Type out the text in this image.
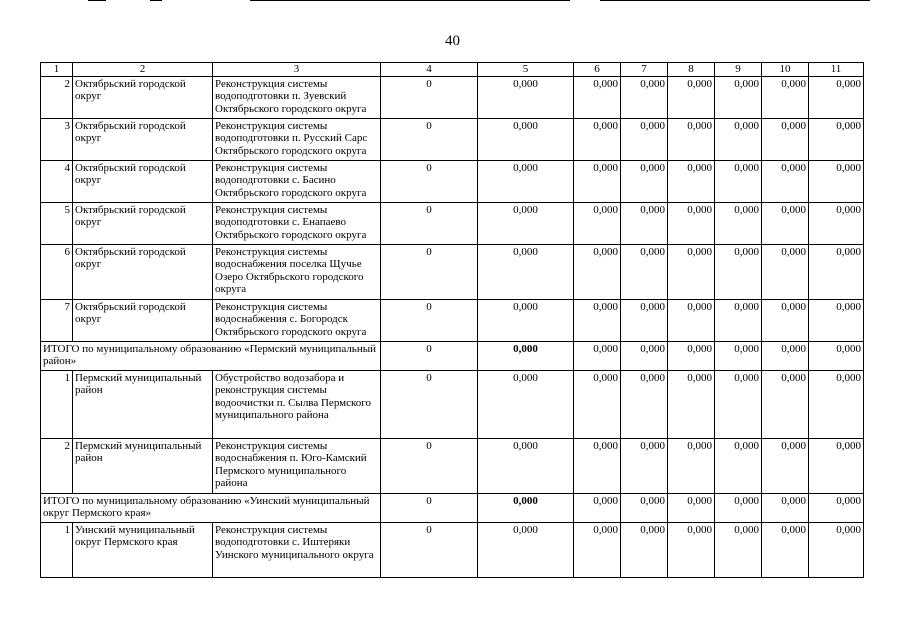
40
1	2	3	4	5	6	7	8	9	10	11
2	Октябрьский городской округ	Реконструкция системы водоподготовки п. Зуевский Октябрьского городского округа	0	0,000	0,000	0,000	0,000	0,000	0,000	0,000
3	Октябрьский городской округ	Реконструкция системы водоподготовки п. Русский Сарс Октябрьского городского округа	0	0,000	0,000	0,000	0,000	0,000	0,000	0,000
4	Октябрьский городской округ	Реконструкция системы водоподготовки с. Басино Октябрьского городского округа	0	0,000	0,000	0,000	0,000	0,000	0,000	0,000
5	Октябрьский городской округ	Реконструкция системы водоподготовки с. Енапаево Октябрьского городского округа	0	0,000	0,000	0,000	0,000	0,000	0,000	0,000
6	Октябрьский городской округ	Реконструкция системы водоснабжения поселка Щучье Озеро Октябрьского городского округа	0	0,000	0,000	0,000	0,000	0,000	0,000	0,000
7	Октябрьский городской округ	Реконструкция системы водоснабжения с. Богородск Октябрьского городского округа	0	0,000	0,000	0,000	0,000	0,000	0,000	0,000
ИТОГО по муниципальному образованию «Пермский муниципальный район»			0	0,000	0,000	0,000	0,000	0,000	0,000	0,000
1	Пермский муниципальный район	Обустройство водозабора и реконструкция системы водоочистки п. Сылва Пермского муниципального района	0	0,000	0,000	0,000	0,000	0,000	0,000	0,000
2	Пермский муниципальный район	Реконструкция системы водоснабжения п. Юго-Камский Пермского муниципального района	0	0,000	0,000	0,000	0,000	0,000	0,000	0,000
ИТОГО по муниципальному образованию «Уинский муниципальный округ Пермского края»			0	0,000	0,000	0,000	0,000	0,000	0,000	0,000
1	Уинский муниципальный округ Пермского края	Реконструкция системы водоподготовки с. Иштеряки Уинского муниципального округа	0	0,000	0,000	0,000	0,000	0,000	0,000	0,000
